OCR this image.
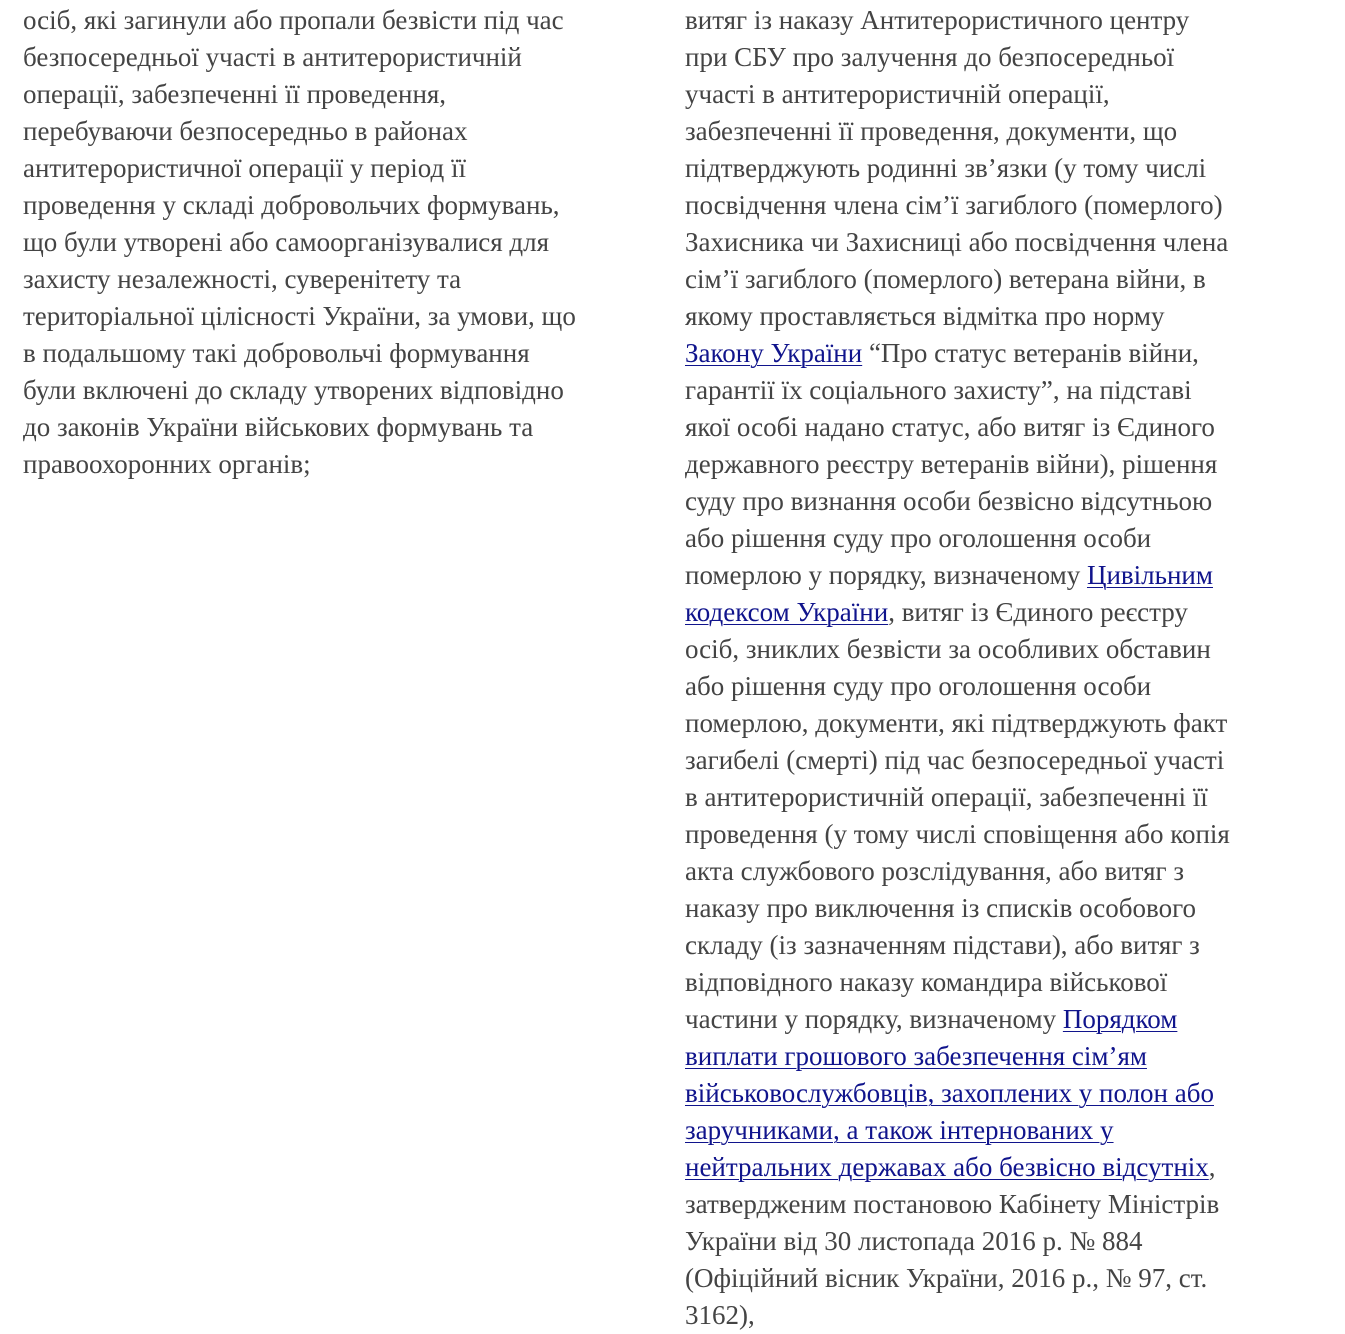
осіб, які загинули або пропали безвісти під час
безпосередньої участі в антитерористичній
операції, забезпеченні її проведення,
перебуваючи безпосередньо в районах
антитерористичної операції у період її
проведення у складі добровольчих формувань,
що були утворені або самоорганізувалися для
захисту незалежності, суверенітету та
територіальної цілісності України, за умови, що
в подальшому такі добровольчі формування
були включені до складу утворених відповідно
до законів України військових формувань та
правоохоронних органів;
витяг із наказу Антитерористичного центру
при СБУ про залучення до безпосередньої
участі в антитерористичній операції,
забезпеченні її проведення, документи, що
підтверджують родинні зв’язки (у тому числі
посвідчення члена сім’ї загиблого (померлого)
Захисника чи Захисниці або посвідчення члена
сім’ї загиблого (померлого) ветерана війни, в
якому проставляється відмітка про норму
Закону України “Про статус ветеранів війни,
гарантії їх соціального захисту”, на підставі
якої особі надано статус, або витяг із Єдиного
державного реєстру ветеранів війни), рішення
суду про визнання особи безвісно відсутньою
або рішення суду про оголошення особи
померлою у порядку, визначеному Цивільним
кодексом України, витяг із Єдиного реєстру
осіб, зниклих безвісти за особливих обставин
або рішення суду про оголошення особи
померлою, документи, які підтверджують факт
загибелі (смерті) під час безпосередньої участі
в антитерористичній операції, забезпеченні її
проведення (у тому числі сповіщення або копія
акта службового розслідування, або витяг з
наказу про виключення із списків особового
складу (із зазначенням підстави), або витяг з
відповідного наказу командира військової
частини у порядку, визначеному Порядком
виплати грошового забезпечення сім’ям
військовослужбовців, захоплених у полон або
заручниками, а також інтернованих у
нейтральних державах або безвісно відсутніх,
затвердженим постановою Кабінету Міністрів
України від 30 листопада 2016 р. № 884
(Офіційний вісник України, 2016 р., № 97, ст.
3162),
